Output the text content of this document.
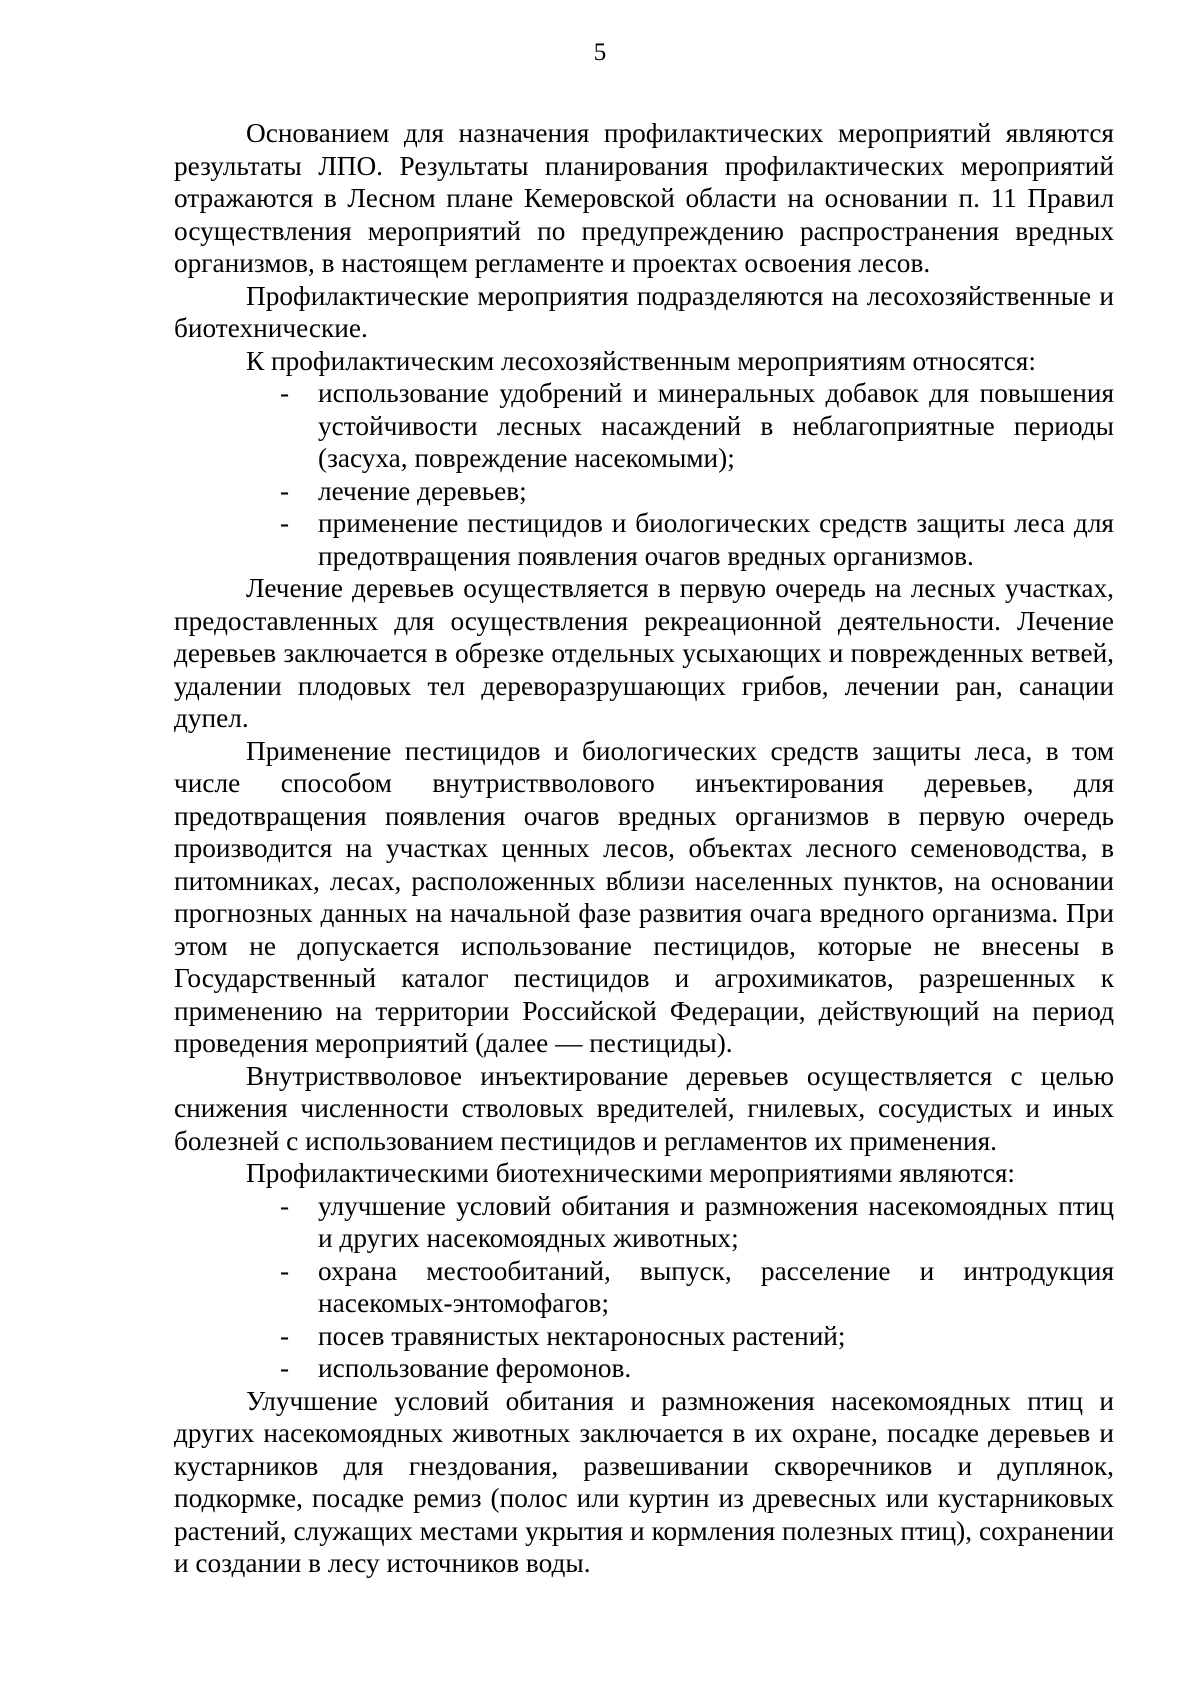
5

Основанием для назначения профилактических мероприятий являются результаты ЛПО. Результаты планирования профилактических мероприятий отражаются в Лесном плане Кемеровской области на основании п. 11 Правил осуществления мероприятий по предупреждению распространения вредных организмов, в настоящем регламенте и проектах освоения лесов.

Профилактические мероприятия подразделяются на лесохозяйственные и биотехнические.

К профилактическим лесохозяйственным мероприятиям относятся:

- использование удобрений и минеральных добавок для повышения устойчивости лесных насаждений в неблагоприятные периоды (засуха, повреждение насекомыми);
- лечение деревьев;
- применение пестицидов и биологических средств защиты леса для предотвращения появления очагов вредных организмов.

Лечение деревьев осуществляется в первую очередь на лесных участках, предоставленных для осуществления рекреационной деятельности. Лечение деревьев заключается в обрезке отдельных усыхающих и поврежденных ветвей, удалении плодовых тел дереворазрушающих грибов, лечении ран, санации дупел.

Применение пестицидов и биологических средств защиты леса, в том числе способом внутриствволового инъектирования деревьев, для предотвращения появления очагов вредных организмов в первую очередь производится на участках ценных лесов, объектах лесного семеноводства, в питомниках, лесах, расположенных вблизи населенных пунктов, на основании прогнозных данных на начальной фазе развития очага вредного организма. При этом не допускается использование пестицидов, которые не внесены в Государственный каталог пестицидов и агрохимикатов, разрешенных к применению на территории Российской Федерации, действующий на период проведения мероприятий (далее — пестициды).

Внутриствволовое инъектирование деревьев осуществляется с целью снижения численности стволовых вредителей, гнилевых, сосудистых и иных болезней с использованием пестицидов и регламентов их применения.

Профилактическими биотехническими мероприятиями являются:

- улучшение условий обитания и размножения насекомоядных птиц и других насекомоядных животных;
- охрана местообитаний, выпуск, расселение и интродукция насекомых-энтомофагов;
- посев травянистых нектароносных растений;
- использование феромонов.

Улучшение условий обитания и размножения насекомоядных птиц и других насекомоядных животных заключается в их охране, посадке деревьев и кустарников для гнездования, развешивании скворечников и дуплянок, подкормке, посадке ремиз (полос или куртин из древесных или кустарниковых растений, служащих местами укрытия и кормления полезных птиц), сохранении и создании в лесу источников воды.
